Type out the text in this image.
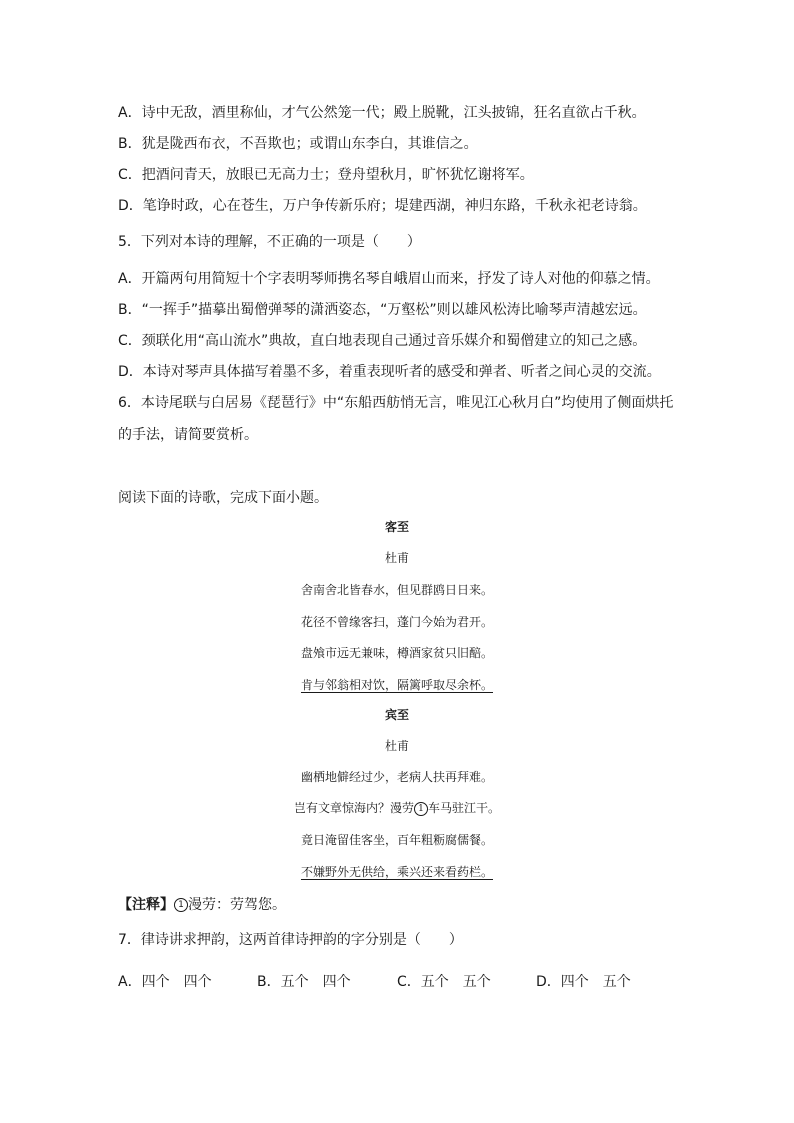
A．诗中无敌，酒里称仙，才气公然笼一代；殿上脱靴，江头披锦，狂名直欲占千秋。
B．犹是陇西布衣，不吾欺也；或谓山东李白，其谁信之。
C．把酒问青天，放眼已无高力士；登舟望秋月，旷怀犹忆谢将军。
D．笔诤时政，心在苍生，万户争传新乐府；堤建西湖，神归东路，千秋永祀老诗翁。
5．下列对本诗的理解，不正确的一项是（　　）
A．开篇两句用简短十个字表明琴师携名琴自峨眉山而来，抒发了诗人对他的仰慕之情。
B．“一挥手”描摹出蜀僧弹琴的潇洒姿态，“万壑松”则以雄风松涛比喻琴声清越宏远。
C．颈联化用“高山流水”典故，直白地表现自己通过音乐媒介和蜀僧建立的知己之感。
D．本诗对琴声具体描写着墨不多，着重表现听者的感受和弹者、听者之间心灵的交流。
6．本诗尾联与白居易《琵琶行》中“东船西舫悄无言，唯见江心秋月白”均使用了侧面烘托
的手法，请简要赏析。
阅读下面的诗歌，完成下面小题。
客至
杜甫
舍南舍北皆春水，但见群鸥日日来。
花径不曾缘客扫，蓬门今始为君开。
盘飧市远无兼味，樽酒家贫只旧醅。
肯与邻翁相对饮，隔篱呼取尽余杯。
宾至
杜甫
幽栖地僻经过少，老病人扶再拜难。
岂有文章惊海内？漫劳 1 车马驻江干。
竟日淹留佳客坐，百年粗粝腐儒餐。
不嫌野外无供给，乘兴还来看药栏。
【注释】 1 漫劳：劳驾您。
7．律诗讲求押韵，这两首律诗押韵的字分别是（　　）
A．四个　四个	B．五个　四个	C．五个　五个	D．四个　五个
